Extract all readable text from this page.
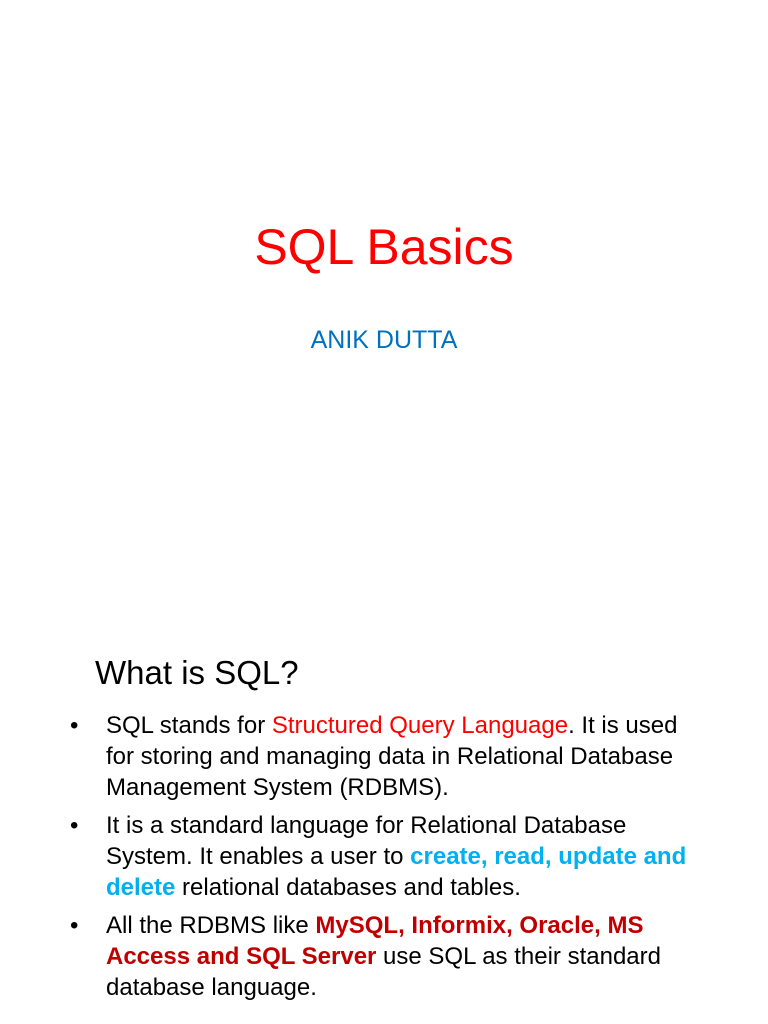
SQL Basics
ANIK DUTTA
What is SQL?
• SQL stands for Structured Query Language. It is used for storing and managing data in Relational Database Management System (RDBMS).
• It is a standard language for Relational Database System. It enables a user to create, read, update and delete relational databases and tables.
• All the RDBMS like MySQL, Informix, Oracle, MS Access and SQL Server use SQL as their standard database language.
